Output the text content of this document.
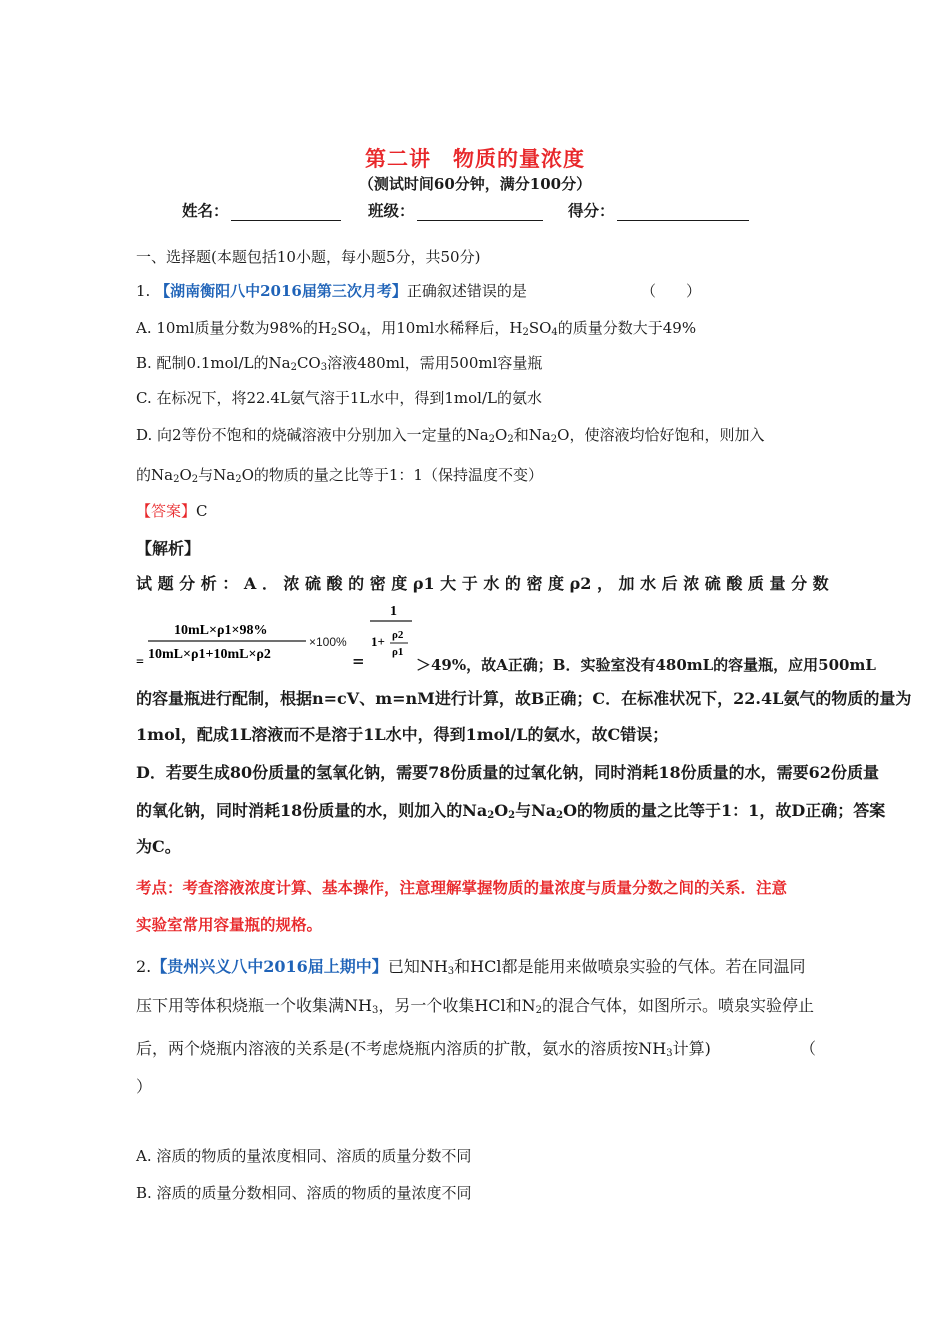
第二讲　物质的量浓度
（测试时间60分钟，满分100分）
姓名：	班级：	得分：
一、选择题(本题包括10小题，每小题5分，共50分)
1. 【湖南衡阳八中2016届第三次月考】正确叙述错误的是	（　　）
A. 10ml质量分数为98%的$H_2SO_4$，用10ml水稀释后，$H_2SO_4$的质量分数大于49%
B. 配制0.1mol/L的$Na_2CO_3$溶液480ml，需用500ml容量瓶
C. 在标况下，将22.4L氨气溶于1L水中，得到1mol/L的氨水
D. 向2等份不饱和的烧碱溶液中分别加入一定量的$Na_2O_2$和$Na_2O$，使溶液均恰好饱和，则加入
的$Na_2O_2$与$Na_2O$的物质的量之比等于1：1（保持温度不变）
【答案】C
【解析】
试 题 分 析 ： A ． 浓 硫 酸 的 密 度 ρ1 大 于 水 的 密 度 ρ2 ， 加 水 后 浓 硫 酸 质 量 分 数
10mL×ρ1×98%
10mL×ρ1+10mL×ρ2
=
×100%
=
1
1+ ρ2
ρ1
＞49%，故A正确；B．实验室没有480mL的容量瓶，应用500mL
的容量瓶进行配制，根据n=cV、m=nM进行计算，故B正确；C．在标准状况下，22.4L氨气的物质的量为
1mol，配成1L溶液而不是溶于1L水中，得到1mol/L的氨水，故C错误；
D．若要生成80份质量的氢氧化钠，需要78份质量的过氧化钠，同时消耗18份质量的水，需要62份质量
的氧化钠，同时消耗18份质量的水，则加入的$Na_2O_2$与$Na_2O$的物质的量之比等于1：1，故D正确；答案
为C。
考点：考查溶液浓度计算、基本操作，注意理解掌握物质的量浓度与质量分数之间的关系．注意
实验室常用容量瓶的规格。
2.【贵州兴义八中2016届上期中】已知$NH_3$和HCl都是能用来做喷泉实验的气体。若在同温同
压下用等体积烧瓶一个收集满$NH_3$，另一个收集HCl和$N_2$的混合气体，如图所示。喷泉实验停止
后，两个烧瓶内溶液的关系是(不考虑烧瓶内溶质的扩散，氨水的溶质按$NH_3$计算)	（
）
A. 溶质的物质的量浓度相同、溶质的质量分数不同
B. 溶质的质量分数相同、溶质的物质的量浓度不同
